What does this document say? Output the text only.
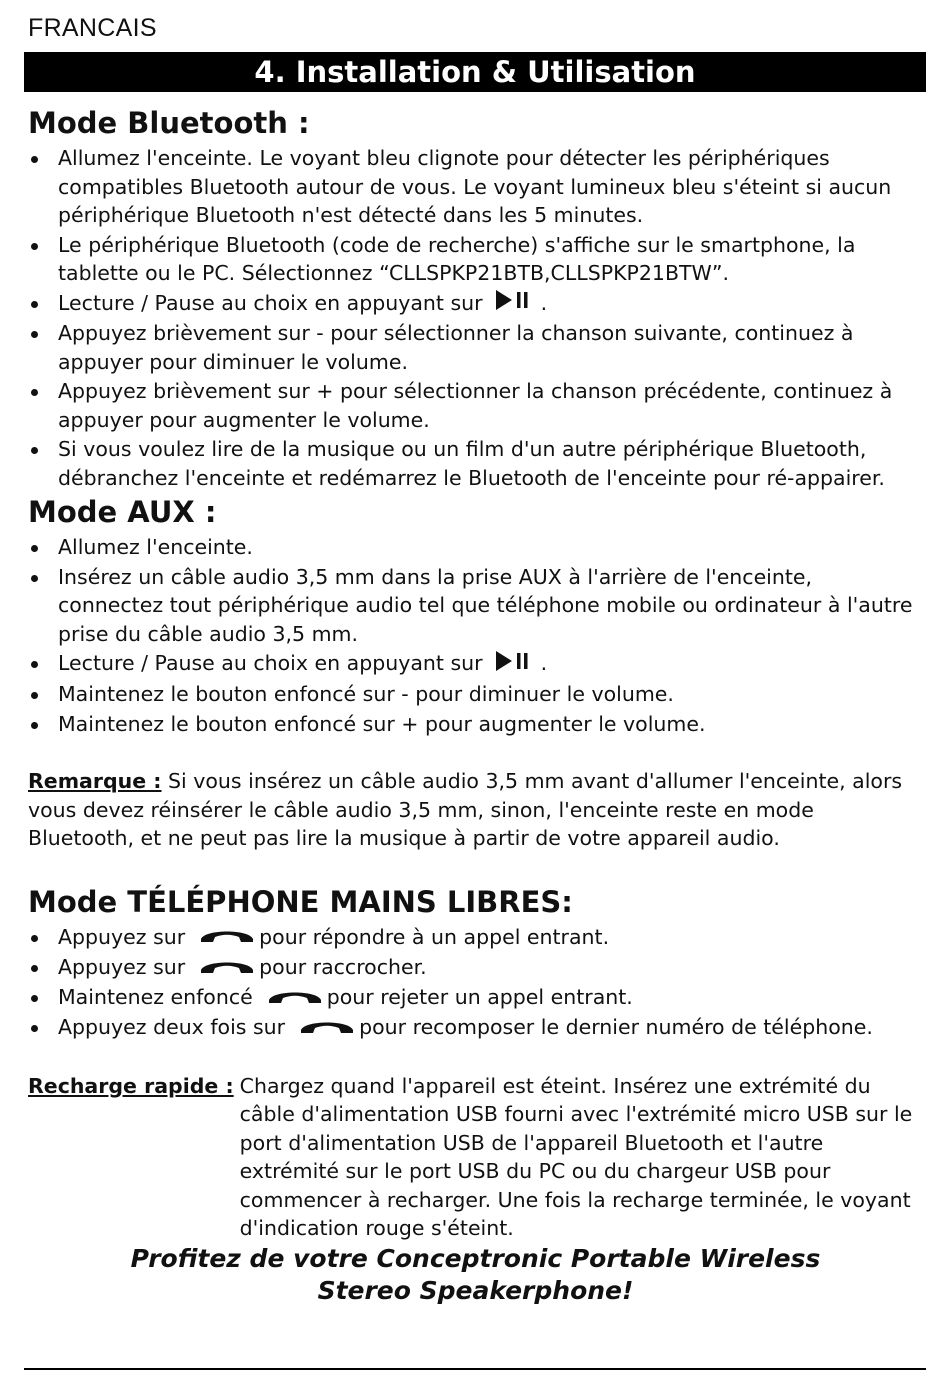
FRANCAIS
4. Installation & Utilisation
Mode Bluetooth :
Allumez l'enceinte. Le voyant bleu clignote pour détecter les périphériques compatibles Bluetooth autour de vous. Le voyant lumineux bleu s'éteint si aucun périphérique Bluetooth n'est détecté dans les 5 minutes.
Le périphérique Bluetooth (code de recherche) s'affiche sur le smartphone, la tablette ou le PC. Sélectionnez “CLLSPKP21BTB,CLLSPKP21BTW”.
Lecture / Pause au choix en appuyant sur	.
Appuyez brièvement sur - pour sélectionner la chanson suivante, continuez à appuyer pour diminuer le volume.
Appuyez brièvement sur + pour sélectionner la chanson précédente, continuez à appuyer pour augmenter le volume.
Si vous voulez lire de la musique ou un film d'un autre périphérique Bluetooth, débranchez l'enceinte et redémarrez le Bluetooth de l'enceinte pour ré-appairer.
Mode AUX :
Allumez l'enceinte.
Insérez un câble audio 3,5 mm dans la prise AUX à l'arrière de l'enceinte, connectez tout périphérique audio tel que téléphone mobile ou ordinateur à l'autre prise du câble audio 3,5 mm.
Lecture / Pause au choix en appuyant sur	.
Maintenez le bouton enfoncé sur - pour diminuer le volume.
Maintenez le bouton enfoncé sur + pour augmenter le volume.

Remarque : Si vous insérez un câble audio 3,5 mm avant d'allumer l'enceinte, alors vous devez réinsérer le câble audio 3,5 mm, sinon, l'enceinte reste en mode Bluetooth, et ne peut pas lire la musique à partir de votre appareil audio.

Mode TÉLÉPHONE MAINS LIBRES:
Appuyez sur	pour répondre à un appel entrant.
Appuyez sur	pour raccrocher.
Maintenez enfoncé	pour rejeter un appel entrant.
Appuyez deux fois sur	pour recomposer le dernier numéro de téléphone.
Recharge rapide : Chargez quand l'appareil est éteint. Insérez une extrémité du câble d'alimentation USB fourni avec l'extrémité micro USB sur le port d'alimentation USB de l'appareil Bluetooth et l'autre extrémité sur le port USB du PC ou du chargeur USB pour commencer à recharger. Une fois la recharge terminée, le voyant d'indication rouge s'éteint.
Profitez de votre Conceptronic Portable Wireless Stereo Speakerphone!
